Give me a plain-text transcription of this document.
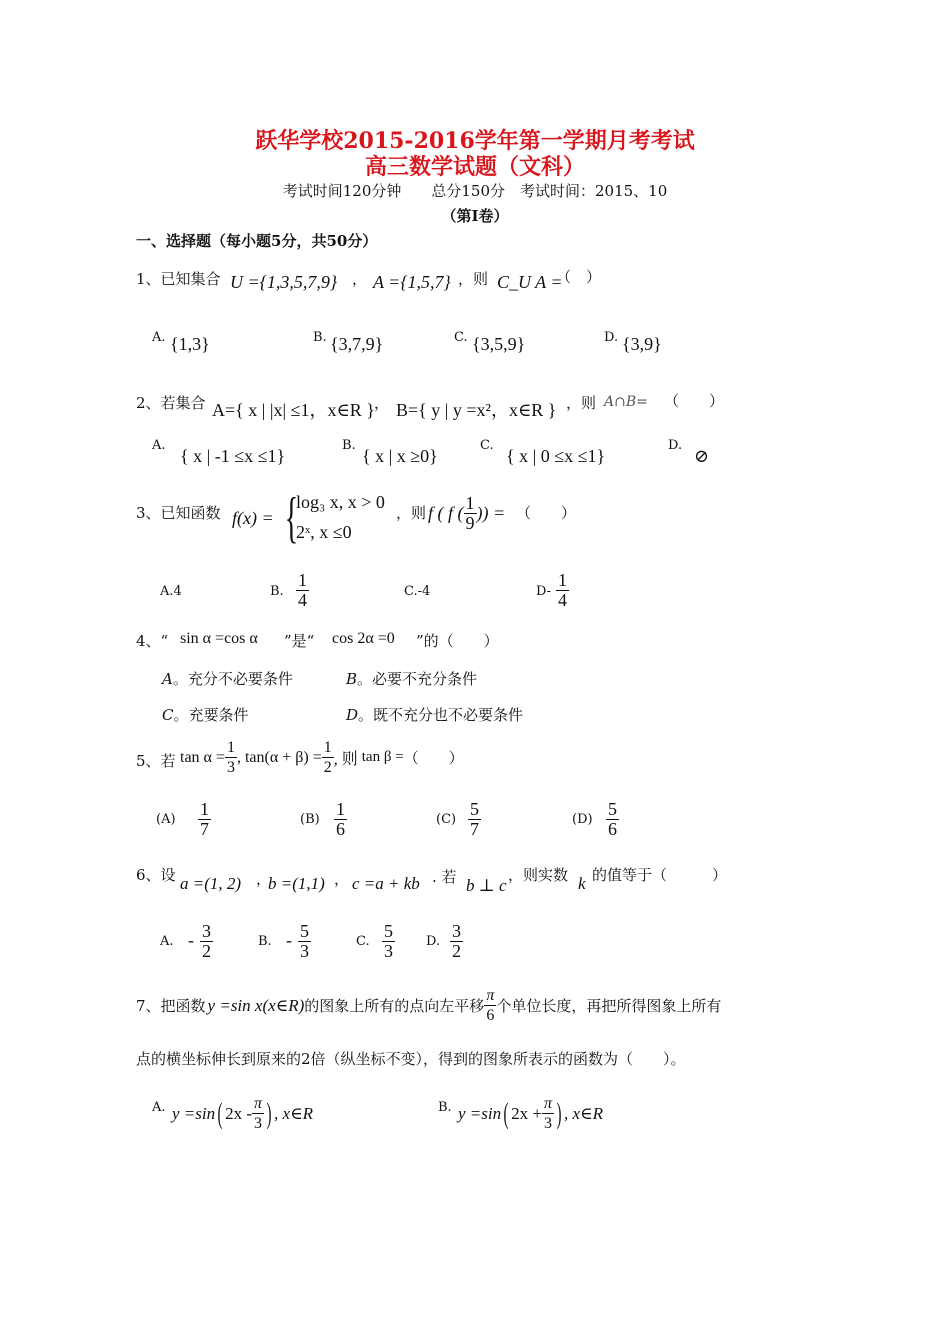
跃华学校2015-2016学年第一学期月考考试
高三数学试题（文科）
考试时间120分钟　　总分150分　考试时间：2015、10
（第Ⅰ卷）
一、选择题（每小题5分，共50分）
1、已知集合 U ={1,3,5,7,9} ， A ={1,5,7} ，则 C_U A =
（　）
A. {1,3}	B. {3,7,9}	C. {3,5,9}	D. {3,9}
2、若集合 A={ x | |x| ≤1，x∈R } ， B={ y | y =x²，x∈R } ，则 A∩B= （　　）
A.
{ x | -1 ≤x ≤1}
B.
{ x | x ≥0}
C.
{ x | 0 ≤x ≤1}
D.
⊘
3、已知函数 f(x) = {
log₃ x, x > 0
2ˣ, x ≤0
，则 f ( f ( $\frac{1}{9}$ )) = （　　）
A.4	B. $\frac{1}{4}$	C.-4	$D- \frac{1}{4}$
4、“ sin α =cos α ”是“ cos 2α =0 ”的（　　）
A。充分不必要条件	B。必要不充分条件
C。充要条件	D。既不充分也不必要条件
5、若 $\tan \alpha = \frac{1}{3}$ , $\tan(\alpha + \beta) = \frac{1}{2}$ , 则 tan β = （　　）
$(A) \frac{1}{7}$	$(B) \frac{1}{6}$	$(C) \frac{5}{7}$	$(D) \frac{5}{6}$
6、设 a =(1, 2) ，
b =(1,1) ， c =a + kb . 若 b ⊥ c
，则实数 k 的值等于（　　　）
A. - $\frac{3}{2}$	B. - $\frac{5}{3}$	C. $\frac{5}{3} D$. $\frac{3}{2}$
7、把函数 y =sin x (x∈R) 的图象上所有的点向左平移 $\frac{\pi}{6}$ 个单位长度，再把所得图象上所有
点的横坐标伸长到原来的2倍（纵坐标不变），得到的图象所表示的函数为（　　）。
A. y =sin ( $2x - \frac{\pi}{3}$ ) , x∈R	B. y =sin ( $2x + \frac{\pi}{3}$ ) , x∈R
